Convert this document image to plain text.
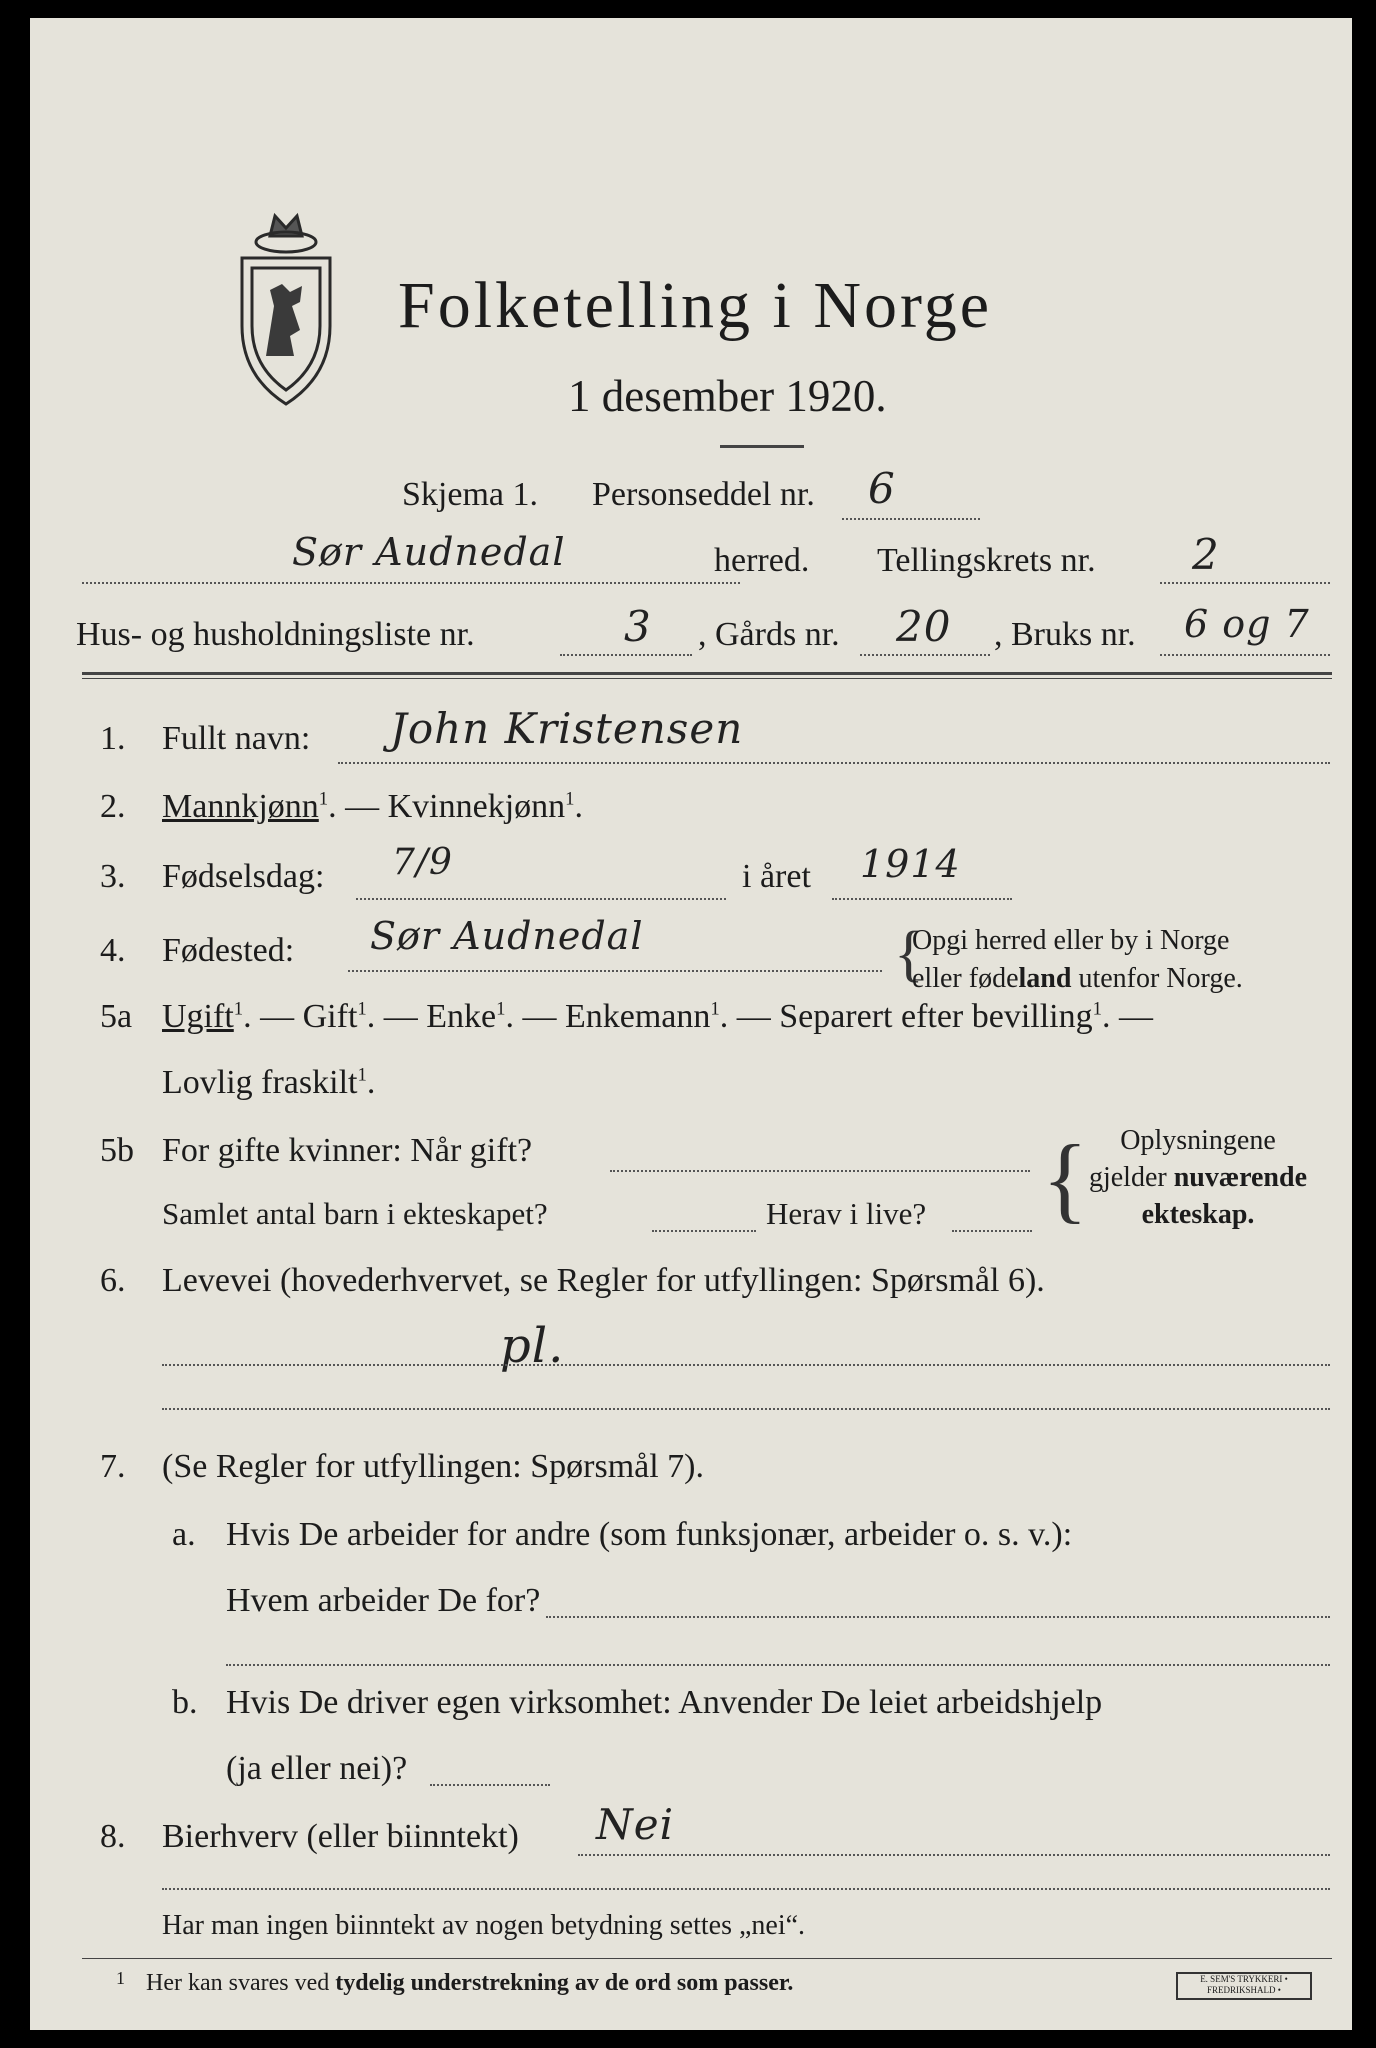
Folketelling i Norge
1 desember 1920.
Skjema 1. Personseddel nr. 6
Sør Audnedal	herred. Tellingskrets nr. 2
Hus- og husholdningsliste nr.	3 , Gårds nr. 20 , Bruks nr. 6 og 7
1. Fullt navn: John Kristensen
2. Mannkjønn$^1$. — Kvinnekjønn$^1$.
3. Fødselsdag: 7/9	i året 1914
4. Fødested: Sør Audnedal	{
Opgi herred eller by i Norge
eller fødeland utenfor Norge.
5a Ugift$^1$. — Gift$^1$. — Enke$^1$. — Enkemann$^1$. — Separert efter bevilling$^1$. —
Lovlig fraskilt$^1$.
5b For gifte kvinner: Når gift?
Samlet antal barn i ekteskapet?	Herav i live? {	Oplysningene
gjelder nuværende
ekteskap.
6. Levevei (hovederhvervet, se Regler for utfyllingen: Spørsmål 6).
pl.
7. (Se Regler for utfyllingen: Spørsmål 7).
a. Hvis De arbeider for andre (som funksjonær, arbeider o. s. v.):
Hvem arbeider De for?
b. Hvis De driver egen virksomhet: Anvender De leiet arbeidshjelp
(ja eller nei)?
8. Bierhverv (eller biinntekt) Nei
Har man ingen biinntekt av nogen betydning settes „nei“.
1 Her kan svares ved tydelig understrekning av de ord som passer.	E. SEM'S TRYKKERI • FREDRIKSHALD •
